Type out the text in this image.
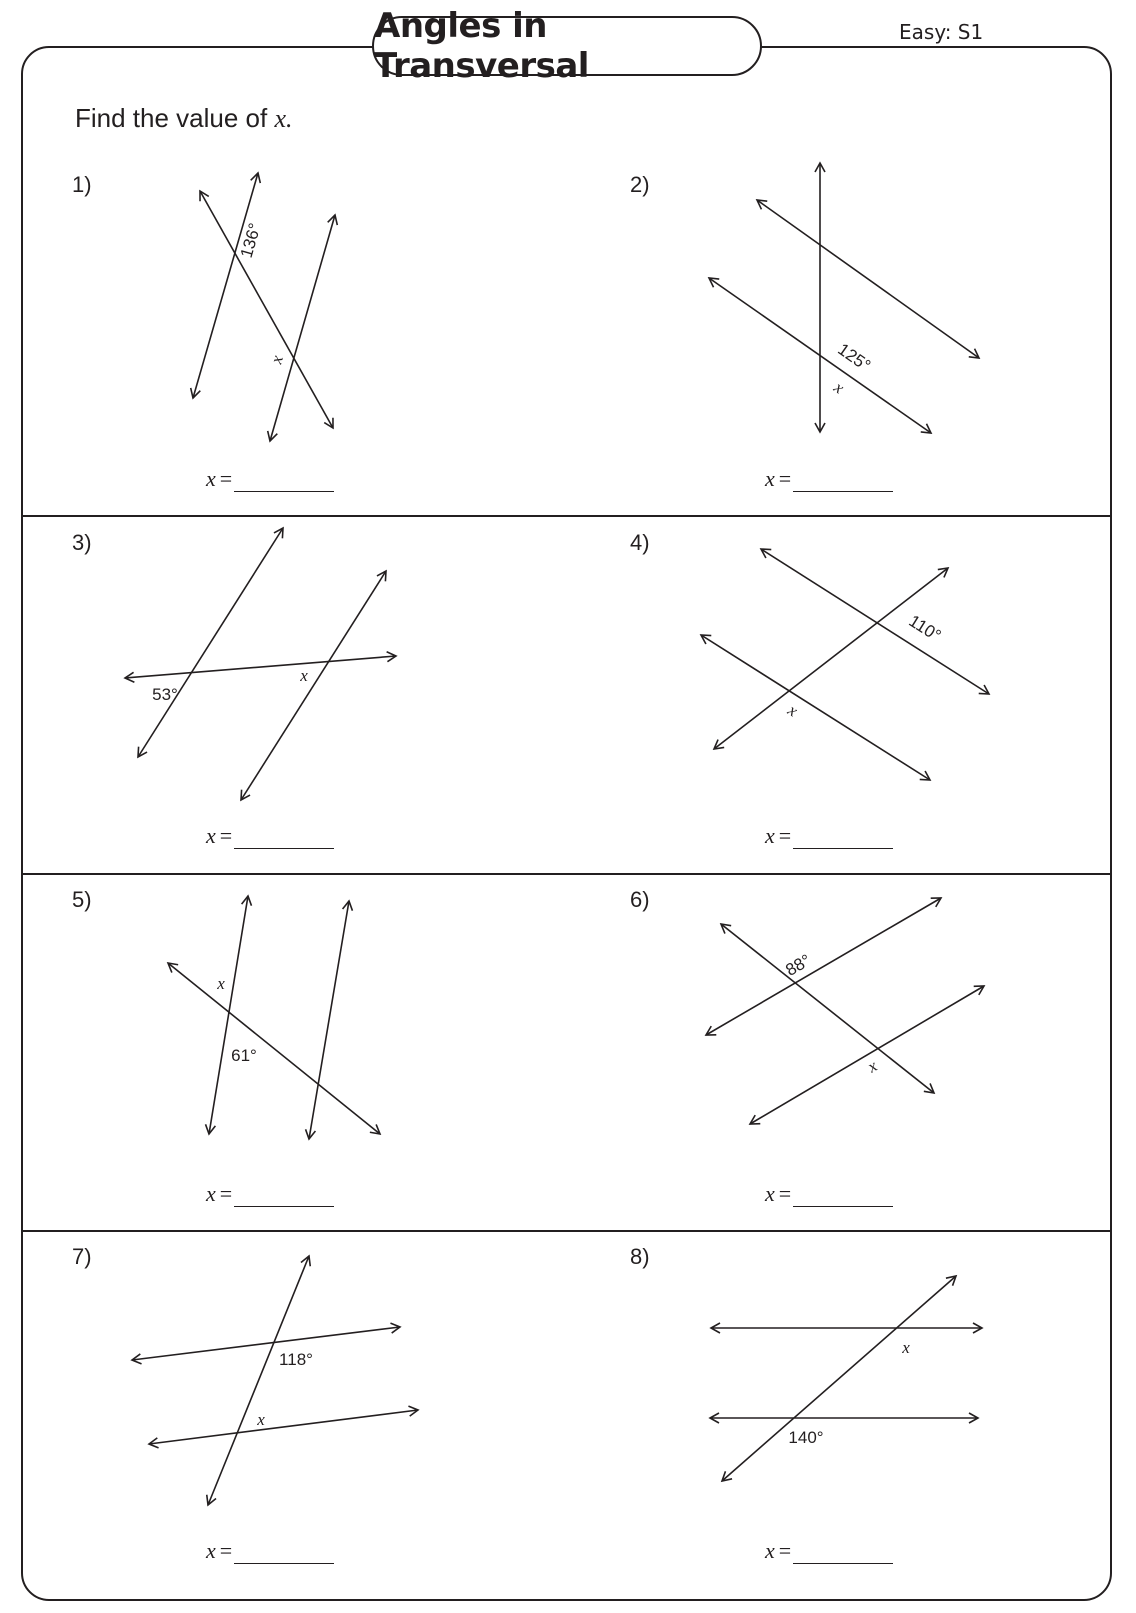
Angles in Transversal
Easy: S1
Find the value of x.
1)	2)
3)	4)
5)	6)
7)	8)
x =	x =
x =	x =
x =	x =
x =	x =
136°
x	125°
x
53°
x
110°
x
x
61°
88°
x
118°
x
x
140°
